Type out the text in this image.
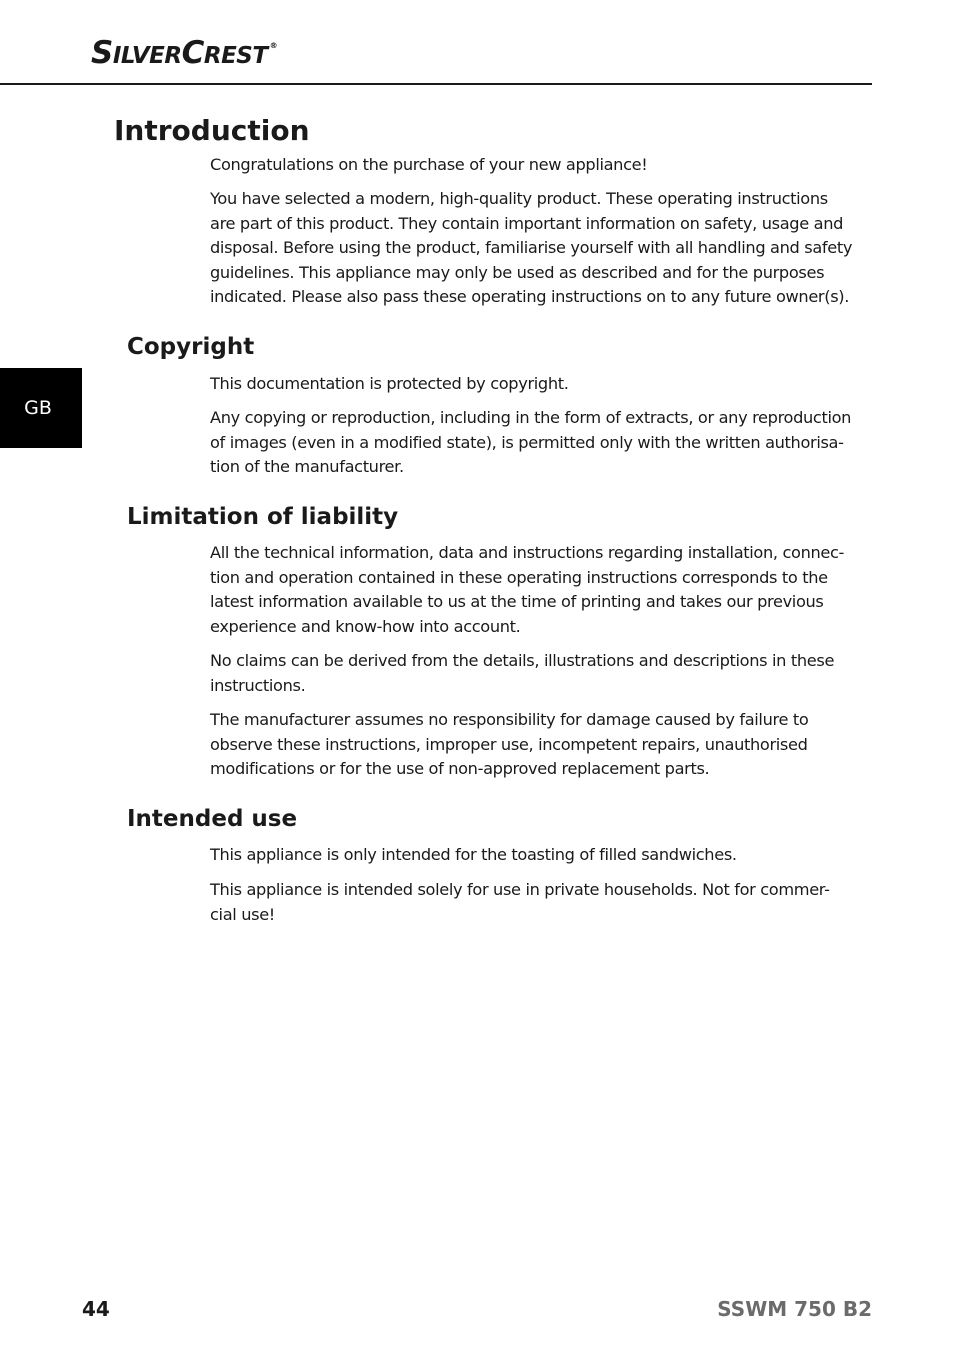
SILVERCREST ®
GB
Introduction

Congratulations on the purchase of your new appliance!

You have selected a modern, high-quality product. These operating instructions
are part of this product. They contain important information on safety, usage and
disposal. Before using the product, familiarise yourself with all handling and safety
guidelines. This appliance may only be used as described and for the purposes
indicated. Please also pass these operating instructions on to any future owner(s).

Copyright

This documentation is protected by copyright.

Any copying or reproduction, including in the form of extracts, or any reproduction
of images (even in a modified state), is permitted only with the written authorisa-
tion of the manufacturer.

Limitation of liability

All the technical information, data and instructions regarding installation, connec-
tion and operation contained in these operating instructions corresponds to the
latest information available to us at the time of printing and takes our previous
experience and know-how into account.

No claims can be derived from the details, illustrations and descriptions in these
instructions.

The manufacturer assumes no responsibility for damage caused by failure to
observe these instructions, improper use, incompetent repairs, unauthorised
modifications or for the use of non-approved replacement parts.

Intended use

This appliance is only intended for the toasting of filled sandwiches.

This appliance is intended solely for use in private households. Not for commer-
cial use!

44	SSWM 750 B2
